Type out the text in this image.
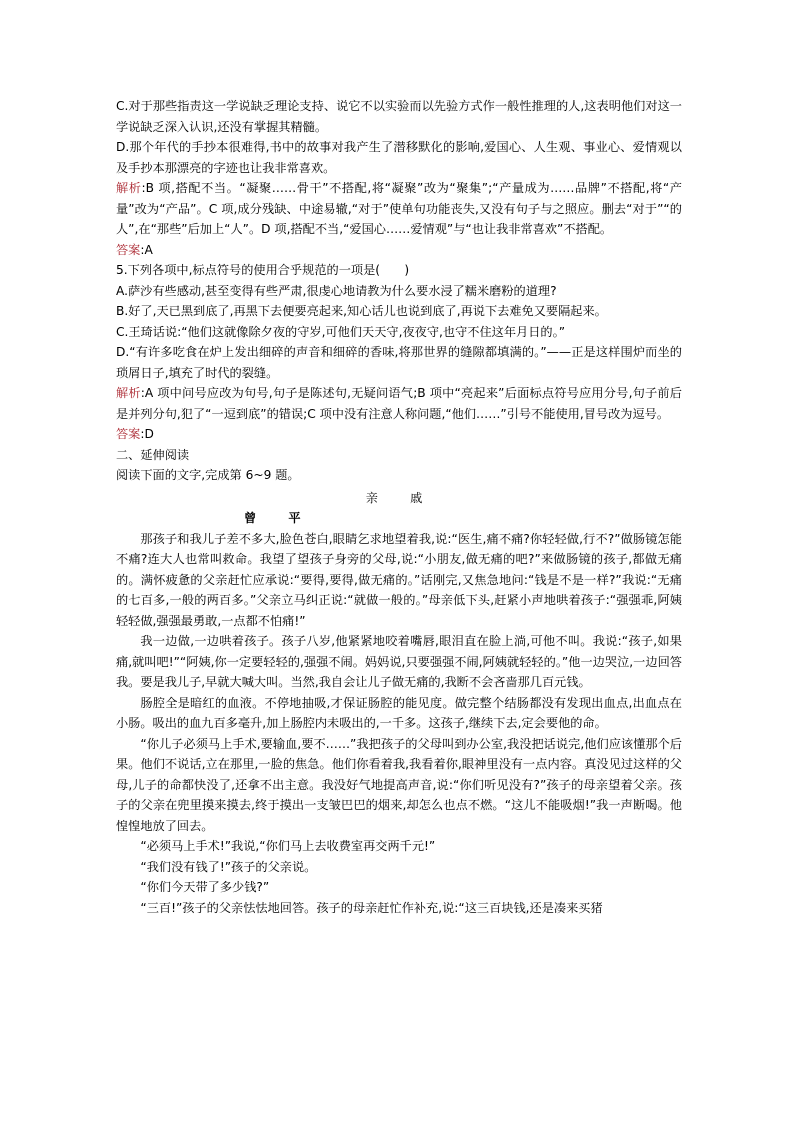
C.对于那些指责这一学说缺乏理论支持、说它不以实验而以先验方式作一般性推理的人,这表明他们对这一学说缺乏深入认识,还没有掌握其精髓。

D.那个年代的手抄本很难得,书中的故事对我产生了潜移默化的影响,爱国心、人生观、事业心、爱情观以及手抄本那漂亮的字迹也让我非常喜欢。

解析:B 项,搭配不当。“凝聚……骨干”不搭配,将“凝聚”改为“聚集”;“产量成为……品牌”不搭配,将“产量”改为“产品”。C 项,成分残缺、中途易辙,“对于”使单句功能丧失,又没有句子与之照应。删去“对于”“的人”,在“那些”后加上“人”。D 项,搭配不当,“爱国心……爱情观”与“也让我非常喜欢”不搭配。

答案:A

5.下列各项中,标点符号的使用合乎规范的一项是(　　)

A.萨沙有些感动,甚至变得有些严肃,很虔心地请教为什么要水浸了糯米磨粉的道理?

B.好了,天已黑到底了,再黑下去便要亮起来,知心话儿也说到底了,再说下去难免又要隔起来。

C.王琦话说:“他们这就像除夕夜的守岁,可他们天天守,夜夜守,也守不住这年月日的。”

D.“有许多吃食在炉上发出细碎的声音和细碎的香味,将那世界的缝隙都填满的。”——正是这样围炉而坐的琐屑日子,填充了时代的裂缝。

解析:A 项中问号应改为句号,句子是陈述句,无疑问语气;B 项中“亮起来”后面标点符号应用分号,句子前后是并列分句,犯了“一逗到底”的错误;C 项中没有注意人称问题,“他们……”引号不能使用,冒号改为逗号。

答案:D

二、延伸阅读

阅读下面的文字,完成第 6~9 题。

亲　戚

曾　平

那孩子和我儿子差不多大,脸色苍白,眼睛乞求地望着我,说:“医生,痛不痛?你轻轻做,行不?”做肠镜怎能不痛?连大人也常叫救命。我望了望孩子身旁的父母,说:“小朋友,做无痛的吧?”来做肠镜的孩子,都做无痛的。满怀疲惫的父亲赶忙应承说:“要得,要得,做无痛的。”话刚完,又焦急地问:“钱是不是一样?”我说:“无痛的七百多,一般的两百多。”父亲立马纠正说:“就做一般的。”母亲低下头,赶紧小声地哄着孩子:“强强乖,阿姨轻轻做,强强最勇敢,一点都不怕痛!”

我一边做,一边哄着孩子。孩子八岁,他紧紧地咬着嘴唇,眼泪直在脸上淌,可他不叫。我说:“孩子,如果痛,就叫吧!”“阿姨,你一定要轻轻的,强强不闹。妈妈说,只要强强不闹,阿姨就轻轻的。”他一边哭泣,一边回答我。要是我儿子,早就大喊大叫。当然,我自会让儿子做无痛的,我断不会吝啬那几百元钱。

肠腔全是暗红的血液。不停地抽吸,才保证肠腔的能见度。做完整个结肠都没有发现出血点,出血点在小肠。吸出的血九百多毫升,加上肠腔内未吸出的,一千多。这孩子,继续下去,定会要他的命。

“你儿子必须马上手术,要输血,要不……”我把孩子的父母叫到办公室,我没把话说完,他们应该懂那个后果。他们不说话,立在那里,一脸的焦急。他们你看着我,我看着你,眼神里没有一点内容。真没见过这样的父母,儿子的命都快没了,还拿不出主意。我没好气地提高声音,说:“你们听见没有?”孩子的母亲望着父亲。孩子的父亲在兜里摸来摸去,终于摸出一支皱巴巴的烟来,却怎么也点不燃。“这儿不能吸烟!”我一声断喝。他惶惶地放了回去。

“必须马上手术!”我说,“你们马上去收费室再交两千元!”

“我们没有钱了!”孩子的父亲说。

“你们今天带了多少钱?”

“三百!”孩子的父亲怯怯地回答。孩子的母亲赶忙作补充,说:“这三百块钱,还是凑来买猪
